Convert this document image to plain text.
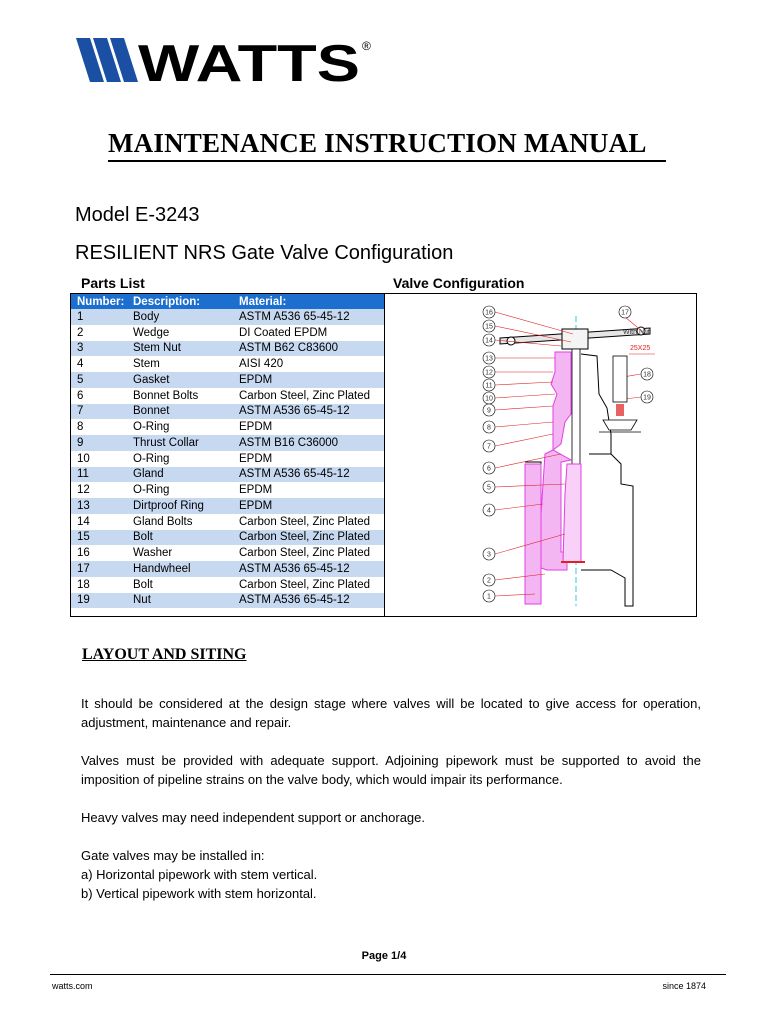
WATTS ®
MAINTENANCE INSTRUCTION MANUAL
Model E-3243
RESILIENT NRS Gate Valve Configuration
Parts List	Valve Configuration
Number: Description:	Material:
1	Body	ASTM A536 65-45-12
2	Wedge	DI Coated EPDM
3	Stem Nut	ASTM B62 C83600
4	Stem	AISI 420
5	Gasket	EPDM
6	Bonnet Bolts	Carbon Steel, Zinc Plated
7	Bonnet	ASTM A536 65-45-12
8	O-Ring	EPDM
9	Thrust Collar	ASTM B16 C36000
10	O-Ring	EPDM
11	Gland	ASTM A536 65-45-12
12	O-Ring	EPDM
13	Dirtproof Ring	EPDM
14	Gland Bolts	Carbon Steel, Zinc Plated
15	Bolt	Carbon Steel, Zinc Plated
16	Washer	Carbon Steel, Zinc Plated
17	Handwheel	ASTM A536 65-45-12
18	Bolt	Carbon Steel, Zinc Plated
19	Nut	ASTM A536 65-45-12
16
15
14
13
12
11
10
9
8
7
6
5
4
3
2
1
17
18
19
With Nut
25X25
LAYOUT AND SITING
It should be considered at the design stage where valves will be located to give access for operation, adjustment, maintenance and repair.
Valves must be provided with adequate support. Adjoining pipework must be supported to avoid the imposition of pipeline strains on the valve body, which would impair its performance.
Heavy valves may need independent support or anchorage.
Gate valves may be installed in:
a) Horizontal pipework with stem vertical.
b) Vertical pipework with stem horizontal.
Page 1/4
watts.com	since 1874
